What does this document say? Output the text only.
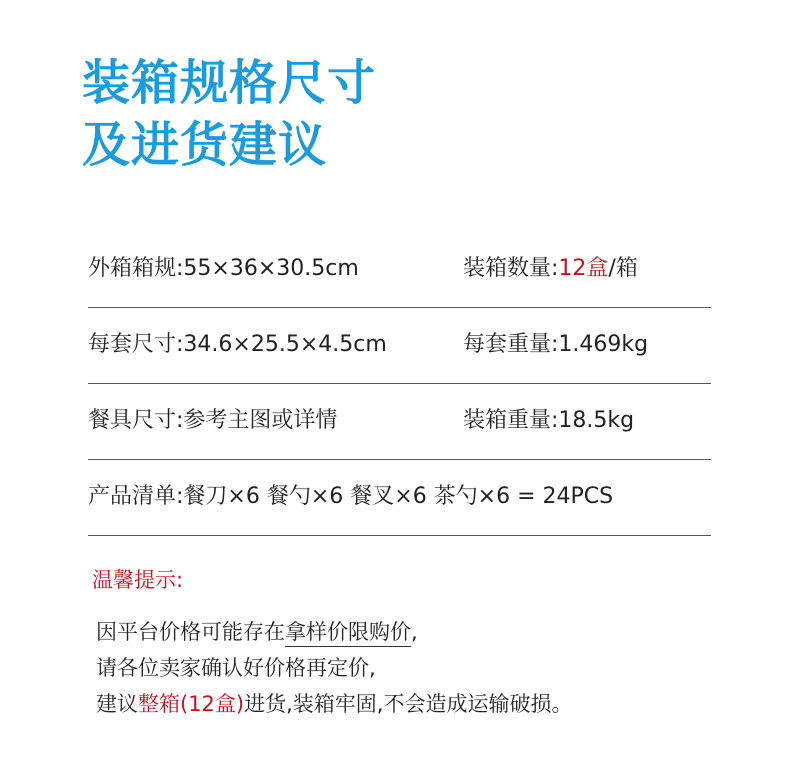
装箱规格尺寸
及进货建议
外箱箱规:55×36×30.5cm	装箱数量:12盒/箱
每套尺寸:34.6×25.5×4.5cm	每套重量:1.469kg
餐具尺寸:参考主图或详情	装箱重量:18.5kg
产品清单:餐刀×6 餐勺×6 餐叉×6 茶勺×6 = 24PCS
温馨提示:
因平台价格可能存在拿样价限购价,
请各位卖家确认好价格再定价,
建议整箱(12盒)进货,装箱牢固,不会造成运输破损。
